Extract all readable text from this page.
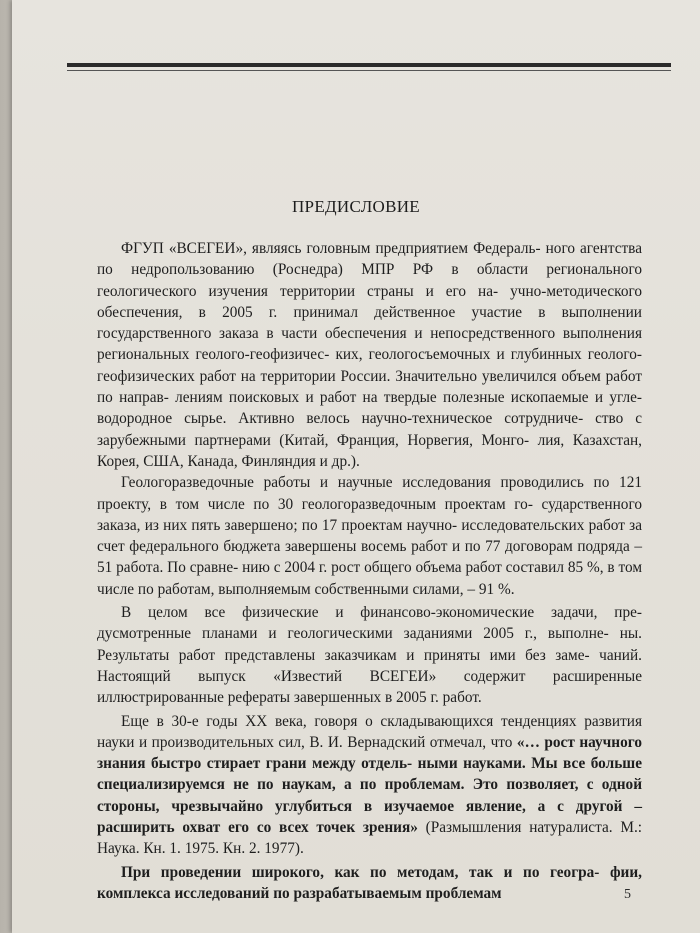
ПРЕДИСЛОВИЕ

ФГУП «ВСЕГЕИ», являясь головным предприятием Федераль- ного агентства по недропользованию (Роснедра) МПР РФ в области регионального геологического изучения территории страны и его на- учно-методического обеспечения, в 2005 г. принимал действенное участие в выполнении государственного заказа в части обеспечения и непосредственного выполнения региональных геолого-геофизичес- ких, геологосъемочных и глубинных геолого-геофизических работ на территории России. Значительно увеличился объем работ по направ- лениям поисковых и работ на твердые полезные ископаемые и угле- водородное сырье. Активно велось научно-техническое сотрудниче- ство с зарубежными партнерами (Китай, Франция, Норвегия, Монго- лия, Казахстан, Корея, США, Канада, Финляндия и др.).

Геологоразведочные работы и научные исследования проводились по 121 проекту, в том числе по 30 геологоразведочным проектам го- сударственного заказа, из них пять завершено; по 17 проектам научно- исследовательских работ за счет федерального бюджета завершены восемь работ и по 77 договорам подряда – 51 работа. По сравне- нию с 2004 г. рост общего объема работ составил 85 %, в том числе по работам, выполняемым собственными силами, – 91 %.

В целом все физические и финансово-экономические задачи, пре- дусмотренные планами и геологическими заданиями 2005 г., выполне- ны. Результаты работ представлены заказчикам и приняты ими без заме- чаний. Настоящий выпуск «Известий ВСЕГЕИ» содержит расширенные иллюстрированные рефераты завершенных в 2005 г. работ.

Еще в 30-е годы XX века, говоря о складывающихся тенденциях развития науки и производительных сил, В. И. Вернадский отмечал, что «… рост научного знания быстро стирает грани между отдель- ными науками. Мы все больше специализируемся не по наукам, а по проблемам. Это позволяет, с одной стороны, чрезвычайно углубиться в изучаемое явление, а с другой – расширить охват его со всех точек зрения» (Размышления натуралиста. М.: Наука. Кн. 1. 1975. Кн. 2. 1977).

При проведении широкого, как по методам, так и по геогра- фии, комплекса исследований по разрабатываемым проблемам	5
